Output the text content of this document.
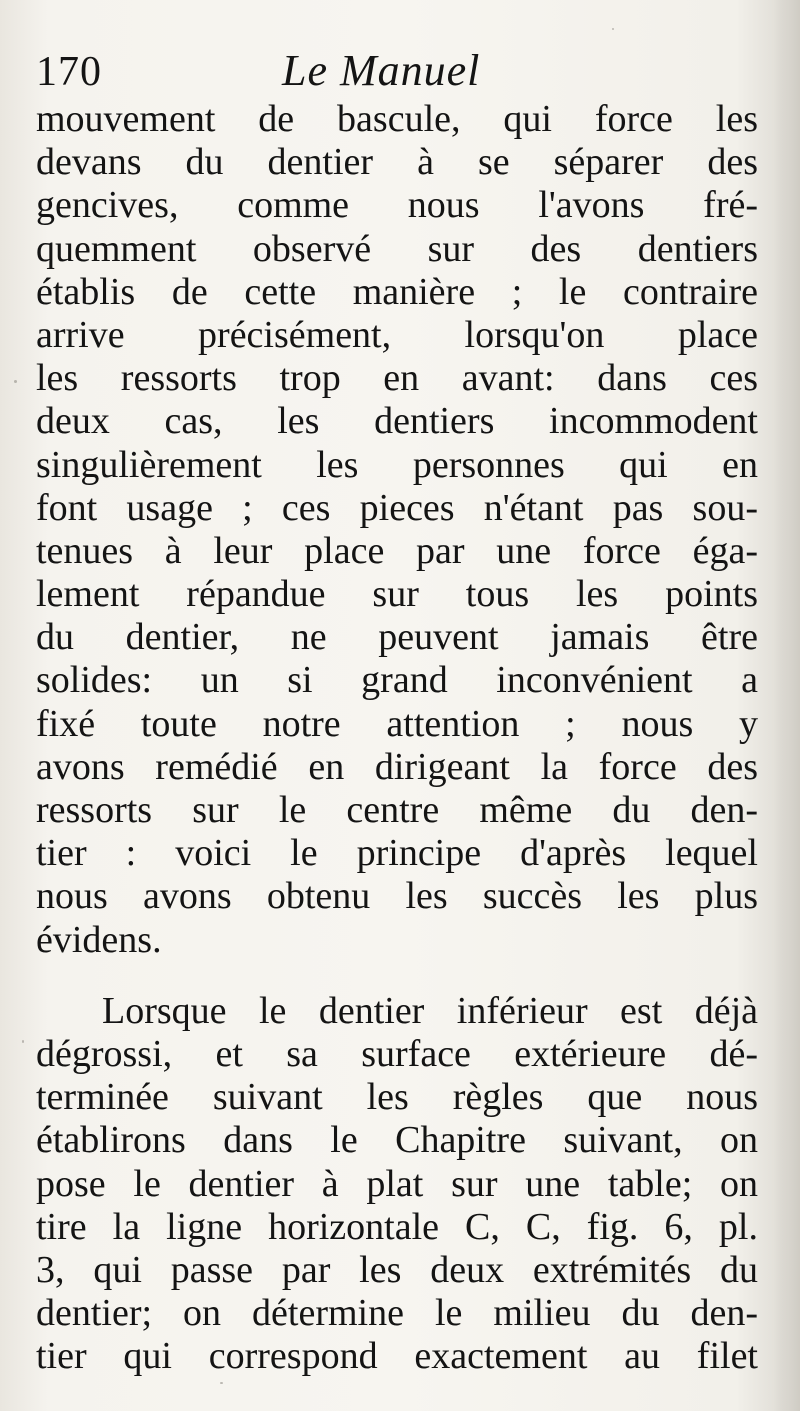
170	Le Manuel
mouvement de bascule, qui force les
devans du dentier à se séparer des
gencives, comme nous l'avons fré-
quemment observé sur des dentiers
établis de cette manière ; le contraire
arrive précisément, lorsqu'on place
les ressorts trop en avant: dans ces
deux cas, les dentiers incommodent
singulièrement les personnes qui en
font usage ; ces pieces n'étant pas sou-
tenues à leur place par une force éga-
lement répandue sur tous les points
du dentier, ne peuvent jamais être
solides: un si grand inconvénient a
fixé toute notre attention ; nous y
avons remédié en dirigeant la force des
ressorts sur le centre même du den-
tier : voici le principe d'après lequel
nous avons obtenu les succès les plus
évidens.
Lorsque le dentier inférieur est déjà
dégrossi, et sa surface extérieure dé-
terminée suivant les règles que nous
établirons dans le Chapitre suivant, on
pose le dentier à plat sur une table; on
tire la ligne horizontale C, C, fig. 6, pl.
3, qui passe par les deux extrémités du
dentier; on détermine le milieu du den-
tier qui correspond exactement au filet
